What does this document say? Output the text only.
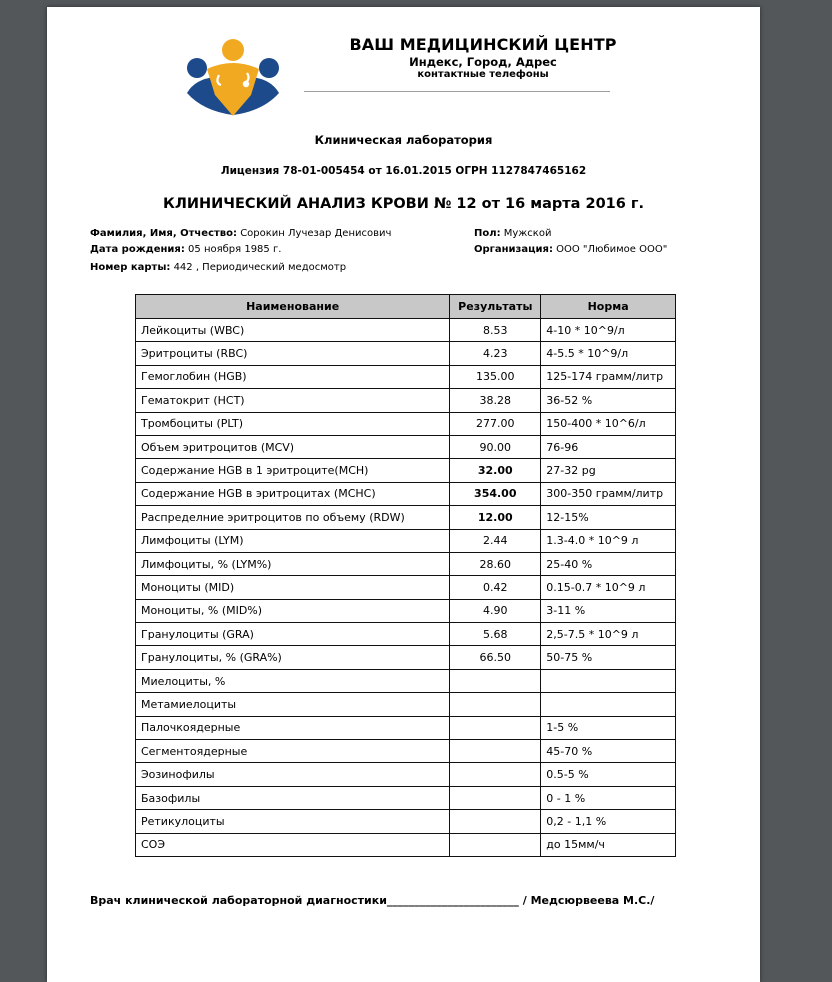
ВАШ МЕДИЦИНСКИЙ ЦЕНТР
Индекс, Город, Адрес
контактные телефоны
Клиническая лаборатория
Лицензия 78-01-005454 от 16.01.2015 ОГРН 1127847465162
КЛИНИЧЕСКИЙ АНАЛИЗ КРОВИ № 12 от 16 марта 2016 г.
Фамилия, Имя, Отчество: Сорокин Лучезар Денисович
Дата рождения: 05 ноября 1985 г.
Номер карты: 442 , Периодический медосмотр
Пол: Мужской
Организация: ООО "Любимое ООО"
Наименование	Результаты	Норма
Лейкоциты (WBC)	8.53	4-10 * 10^9/л
Эритроциты (RBC)	4.23	4-5.5 * 10^9/л
Гемоглобин (HGB)	135.00	125-174 грамм/литр
Гематокрит (HCT)	38.28	36-52 %
Тромбоциты (PLT)	277.00	150-400 * 10^6/л
Объем эритроцитов (MCV)	90.00	76-96
Содержание HGB в 1 эритроците(MCH)	32.00	27-32 pg
Содержание HGB в эритроцитах (MCHC)	354.00	300-350 грамм/литр
Распределние эритроцитов по объему (RDW)	12.00	12-15%
Лимфоциты (LYM)	2.44	1.3-4.0 * 10^9 л
Лимфоциты, % (LYM%)	28.60	25-40 %
Моноциты (MID)	0.42	0.15-0.7 * 10^9 л
Моноциты, % (MID%)	4.90	3-11 %
Гранулоциты (GRA)	5.68	2,5-7.5 * 10^9 л
Гранулоциты, % (GRA%)	66.50	50-75 %
Миелоциты, %		
Метамиелоциты		
Палочкоядерные		1-5 %
Сегментоядерные		45-70 %
Эозинофилы		0.5-5 %
Базофилы		0 - 1 %
Ретикулоциты		0,2 - 1,1 %
СОЭ		до 15мм/ч
Врач клинической лабораторной диагностики________________________ / Медсюрвеева М.С./
